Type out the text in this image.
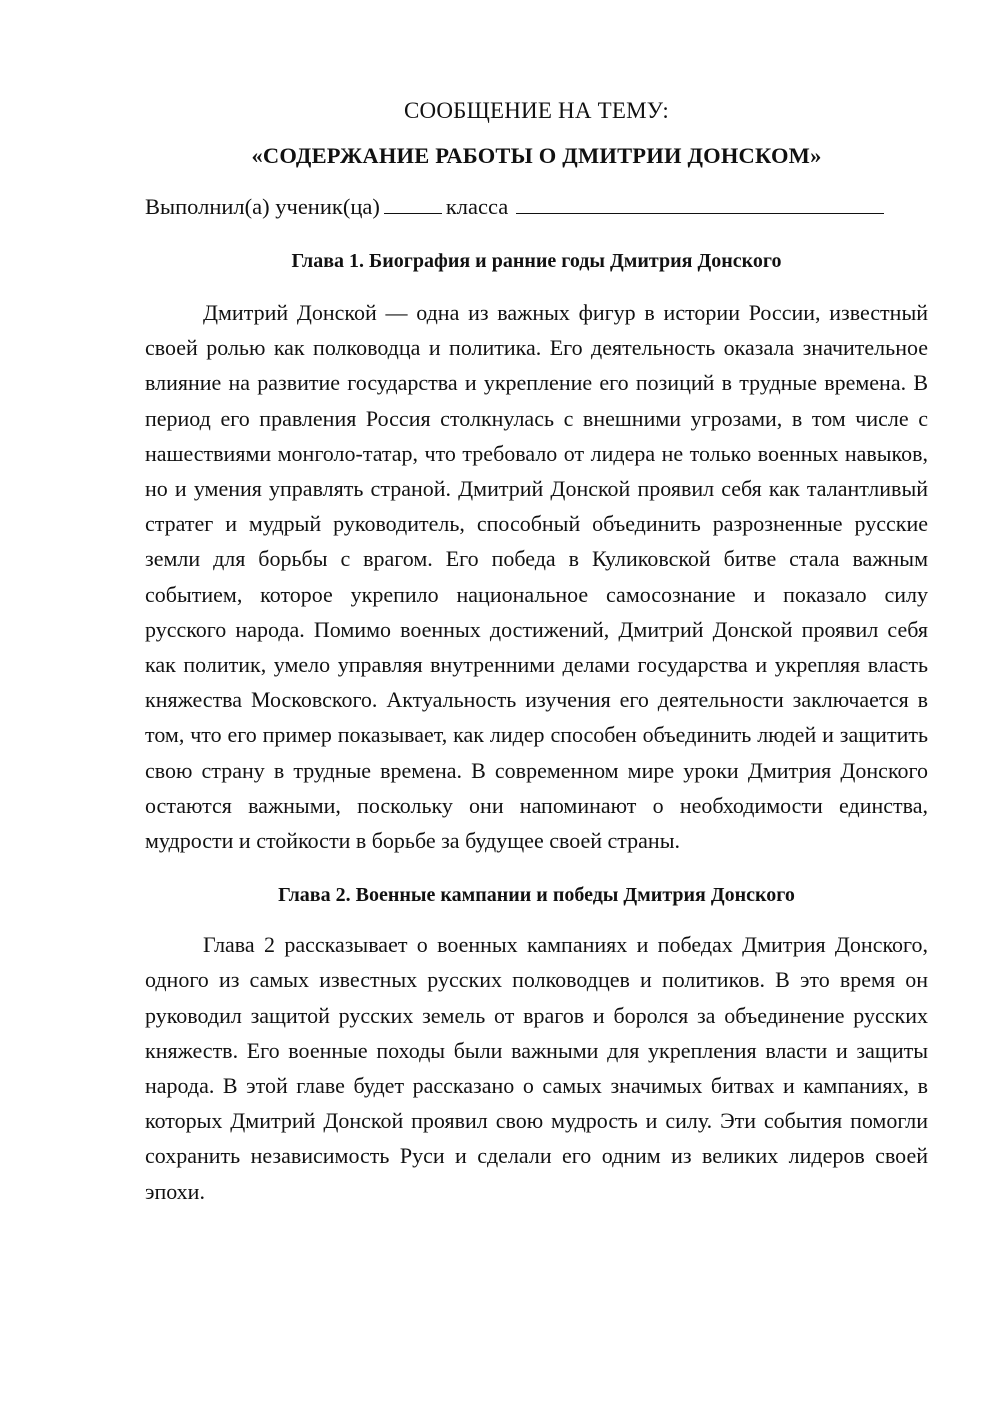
СООБЩЕНИЕ НА ТЕМУ:
«СОДЕРЖАНИЕ РАБОТЫ О ДМИТРИИ ДОНСКОМ»
Выполнил(а) ученик(ца)	класса
Глава 1. Биография и ранние годы Дмитрия Донского

Дмитрий Донской — одна из важных фигур в истории России, известный своей ролью как полководца и политика. Его деятельность оказала значительное влияние на развитие государства и укрепление его позиций в трудные времена. В период его правления Россия столкнулась с внешними угрозами, в том числе с нашествиями монголо-татар, что требовало от лидера не только военных навыков, но и умения управлять страной. Дмитрий Донской проявил себя как талантливый стратег и мудрый руководитель, способный объединить разрозненные русские земли для борьбы с врагом. Его победа в Куликовской битве стала важным событием, которое укрепило национальное самосознание и показало силу русского народа. Помимо военных достижений, Дмитрий Донской проявил себя как политик, умело управляя внутренними делами государства и укрепляя власть княжества Московского. Актуальность изучения его деятельности заключается в том, что его пример показывает, как лидер способен объединить людей и защитить свою страну в трудные времена. В современном мире уроки Дмитрия Донского остаются важными, поскольку они напоминают о необходимости единства, мудрости и стойкости в борьбе за будущее своей страны.

Глава 2. Военные кампании и победы Дмитрия Донского

Глава 2 рассказывает о военных кампаниях и победах Дмитрия Донского, одного из самых известных русских полководцев и политиков. В это время он руководил защитой русских земель от врагов и боролся за объединение русских княжеств. Его военные походы были важными для укрепления власти и защиты народа. В этой главе будет рассказано о самых значимых битвах и кампаниях, в которых Дмитрий Донской проявил свою мудрость и силу. Эти события помогли сохранить независимость Руси и сделали его одним из великих лидеров своей эпохи.
